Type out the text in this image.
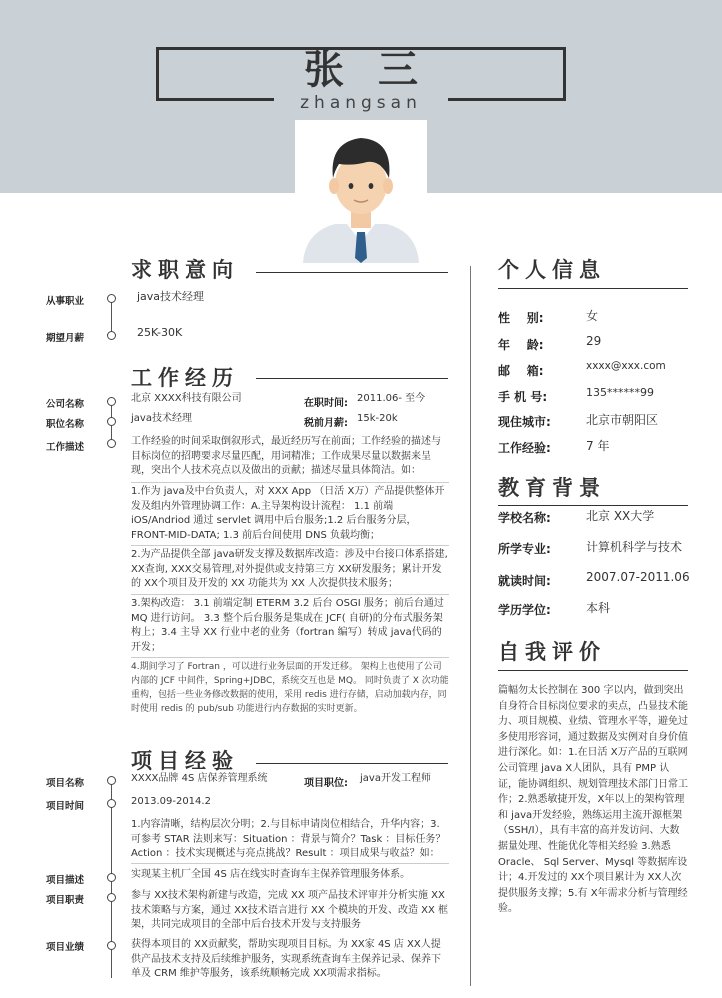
张三
zhangsan
求职意向
从事职业	java技术经理
期望月薪	25K-30K
工作经历
公司名称
北京 XXXX科技有限公司	在职时间: 2011.06- 至今
职位名称
java技术经理	税前月薪: 15k-20k
工作描述
工作经验的时间采取倒叙形式，最近经历写在前面；工作经验的描述与目标岗位的招聘要求尽量匹配，用词精准；工作成果尽量以数据来呈现，突出个人技术亮点以及做出的贡献；描述尽量具体简洁。如：
1.作为 java及中台负责人，对 XXX App （日活 X万）产品提供整体开发及组内外管理协调工作：A.主导架构设计流程： 1.1 前端 iOS/Andriod 通过 servlet 调用中后台服务;1.2 后台服务分层，FRONT-MID-DATA; 1.3 前后台间使用 DNS 负载均衡；
2.为产品提供全部 java研发支撑及数据库改造：涉及中台接口体系搭建, XX查询, XXX交易管理,对外提供或支持第三方 XX研发服务；累计开发的 XX个项目及开发的 XX 功能共为 XX 人次提供技术服务；
3.架构改造： 3.1 前端定制 ETERM 3.2 后台 OSGI 服务；前后台通过MQ 进行访问。 3.3 整个后台服务是集成在 JCF( 自研)的分布式服务架构上；3.4 主导 XX 行业中老的业务（fortran 编写）转成 java代码的开发；
4.期间学习了 Fortran ，可以进行业务层面的开发迁移。 架构上也使用了公司内部的 JCF 中间件，Spring+JDBC，系统交互也是 MQ。 同时负责了 X 次功能重构，包括一些业务修改数据的使用，采用 redis 进行存储，启动加载内存，同时使用 redis 的 pub/sub 功能进行内存数据的实时更新。
项目经验
项目名称	XXXX品牌 4S 店保养管理系统	项目职位: java开发工程师
项目时间	2013.09-2014.2
1.内容清晰，结构层次分明；2.与目标申请岗位相结合，升华内容；3.可参考 STAR 法则来写：Situation ：背景与简介？Task ：目标任务？Action ：技术实现概述与亮点挑战？Result ：项目成果与收益？如：
项目描述
实现某主机厂全国 4S 店在线实时查询车主保养管理服务体系。
项目职责	参与 XX技术架构新建与改造，完成 XX 项产品技术评审并分析实施 XX 技术策略与方案，通过 XX技术语言进行 XX 个模块的开发、改造 XX 框架，共同完成项目的全部中后台技术开发与支持服务
项目业绩	获得本项目的 XX贡献奖，帮助实现项目目标。为 XX家 4S 店 XX人提供产品技术支持及后续维护服务，实现系统查询车主保养记录、保养下单及 CRM 维护等服务，该系统顺畅完成 XX项需求指标。
个人信息
性    别:	女
年    龄:	29
邮    箱:	xxxx@xxx.com
手 机 号:	135******99
现住城市:	北京市朝阳区
工作经验:	7 年
教育背景
学校名称:	北京 XX大学
所学专业:	计算机科学与技术
就读时间:	2007.07-2011.06
学历学位:	本科
自我评价
篇幅勿太长控制在 300 字以内，做到突出自身符合目标岗位要求的卖点，凸显技术能力、项目规模、业绩、管理水平等，避免过多使用形容词，通过数据及实例对自身价值进行深化。如：1.在日活 X万产品的互联网公司管理 java X人团队，具有 PMP 认证，能协调组织、规划管理技术部门日常工作；2.熟悉敏捷开发，X年以上的架构管理和 java开发经验，熟练运用主流开源框架（SSH/I），具有丰富的高并发访问、大数据量处理、性能优化等相关经验 3.熟悉 Oracle、 Sql Server、Mysql 等数据库设计；4.开发过的 XX个项目累计为 XX人次提供服务支撑；5.有 X年需求分析与管理经验。
